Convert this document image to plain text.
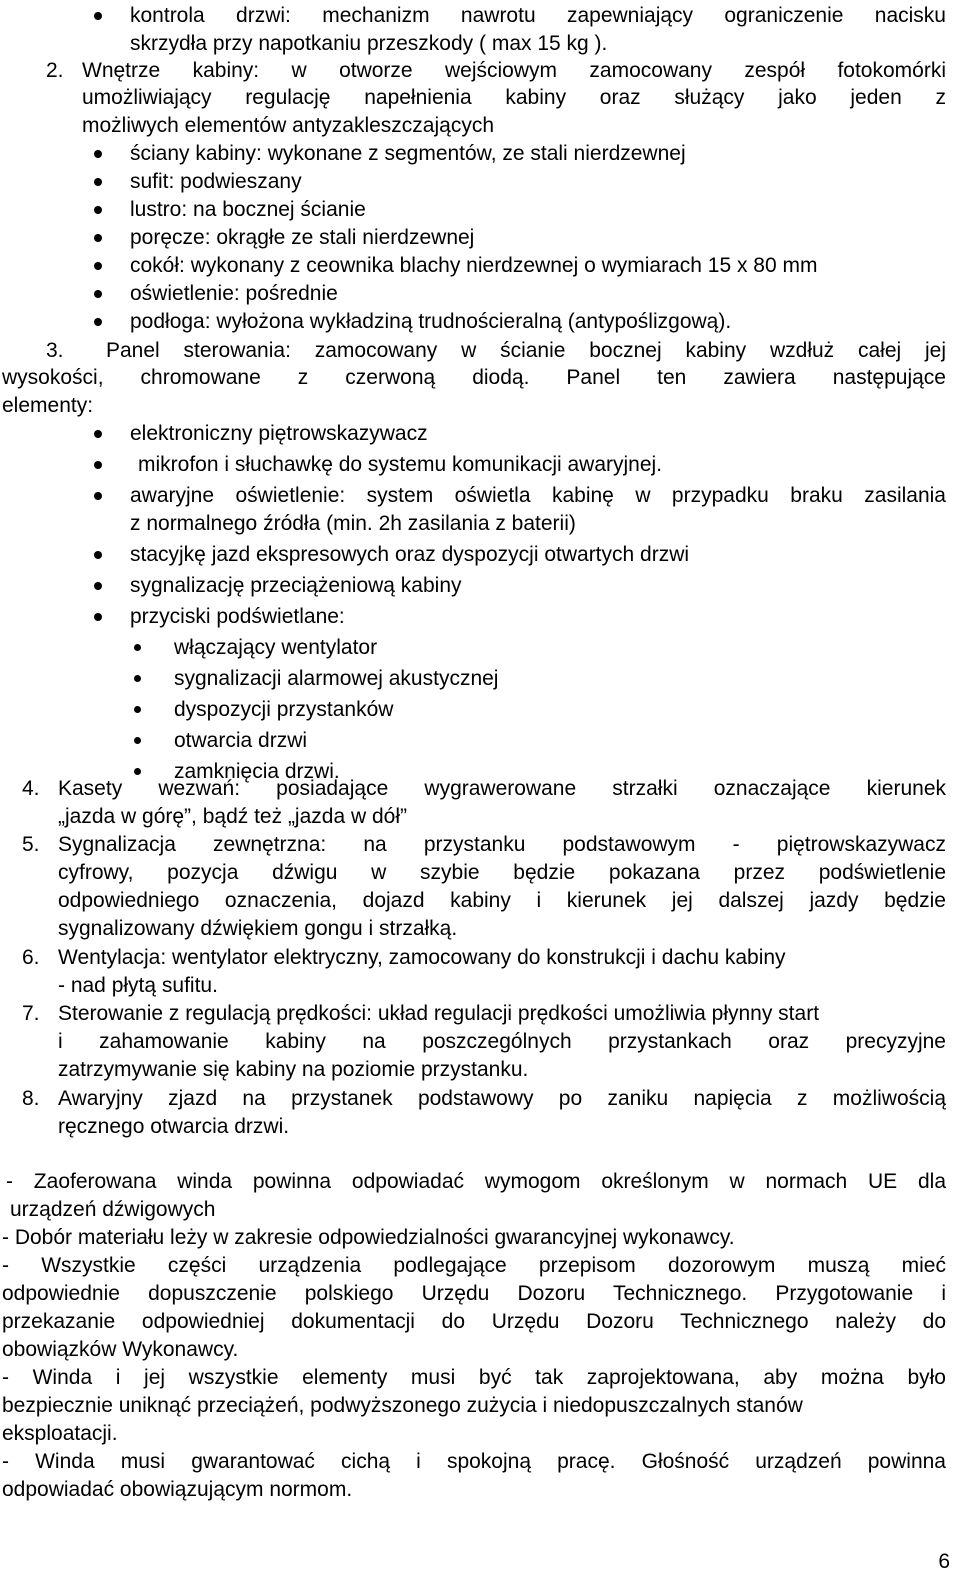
kontrola drzwi: mechanizm nawrotu zapewniający ograniczenie nacisku
skrzydła przy napotkaniu przeszkody ( max 15 kg ).
2. Wnętrze kabiny: w otworze wejściowym zamocowany zespół fotokomórki
umożliwiający regulację napełnienia kabiny oraz służący jako jeden z
możliwych elementów antyzakleszczających
ściany kabiny: wykonane z segmentów, ze stali nierdzewnej
sufit: podwieszany
lustro: na bocznej ścianie
poręcze: okrągłe ze stali nierdzewnej
cokół: wykonany z ceownika blachy nierdzewnej o wymiarach 15 x 80 mm
oświetlenie: pośrednie
podłoga: wyłożona wykładziną trudnościeralną (antypoślizgową).
3. Panel sterowania: zamocowany w ścianie bocznej kabiny wzdłuż całej jej
wysokości, chromowane z czerwoną diodą. Panel ten zawiera następujące
elementy:
elektroniczny piętrowskazywacz
mikrofon i słuchawkę do systemu komunikacji awaryjnej.
awaryjne oświetlenie: system oświetla kabinę w przypadku braku zasilania
z normalnego źródła (min. 2h zasilania z baterii)
stacyjkę jazd ekspresowych oraz dyspozycji otwartych drzwi
sygnalizację przeciążeniową kabiny
przyciski podświetlane:
włączający wentylator
sygnalizacji alarmowej akustycznej
dyspozycji przystanków
otwarcia drzwi
zamknięcia drzwi.
4. Kasety wezwań: posiadające wygrawerowane strzałki oznaczające kierunek
„jazda w górę”, bądź też „jazda w dół”
5. Sygnalizacja zewnętrzna: na przystanku podstawowym - piętrowskazywacz
cyfrowy, pozycja dźwigu w szybie będzie pokazana przez podświetlenie
odpowiedniego oznaczenia, dojazd kabiny i kierunek jej dalszej jazdy będzie
sygnalizowany dźwiękiem gongu i strzałką.
6. Wentylacja: wentylator elektryczny, zamocowany do konstrukcji i dachu kabiny
- nad płytą sufitu.
7. Sterowanie z regulacją prędkości: układ regulacji prędkości umożliwia płynny start
i zahamowanie kabiny na poszczególnych przystankach oraz precyzyjne
zatrzymywanie się kabiny na poziomie przystanku.
8. Awaryjny zjazd na przystanek podstawowy po zaniku napięcia z możliwością
ręcznego otwarcia drzwi.
- Zaoferowana winda powinna odpowiadać wymogom określonym w normach UE dla
urządzeń dźwigowych
- Dobór materiału leży w zakresie odpowiedzialności gwarancyjnej wykonawcy.
- Wszystkie części urządzenia podlegające przepisom dozorowym muszą mieć
odpowiednie dopuszczenie polskiego Urzędu Dozoru Technicznego. Przygotowanie i
przekazanie odpowiedniej dokumentacji do Urzędu Dozoru Technicznego należy do
obowiązków Wykonawcy.
- Winda i jej wszystkie elementy musi być tak zaprojektowana, aby można było
bezpiecznie uniknąć przeciążeń, podwyższonego zużycia i niedopuszczalnych stanów
eksploatacji.
- Winda musi gwarantować cichą i spokojną pracę. Głośność urządzeń powinna
odpowiadać obowiązującym normom.
6
